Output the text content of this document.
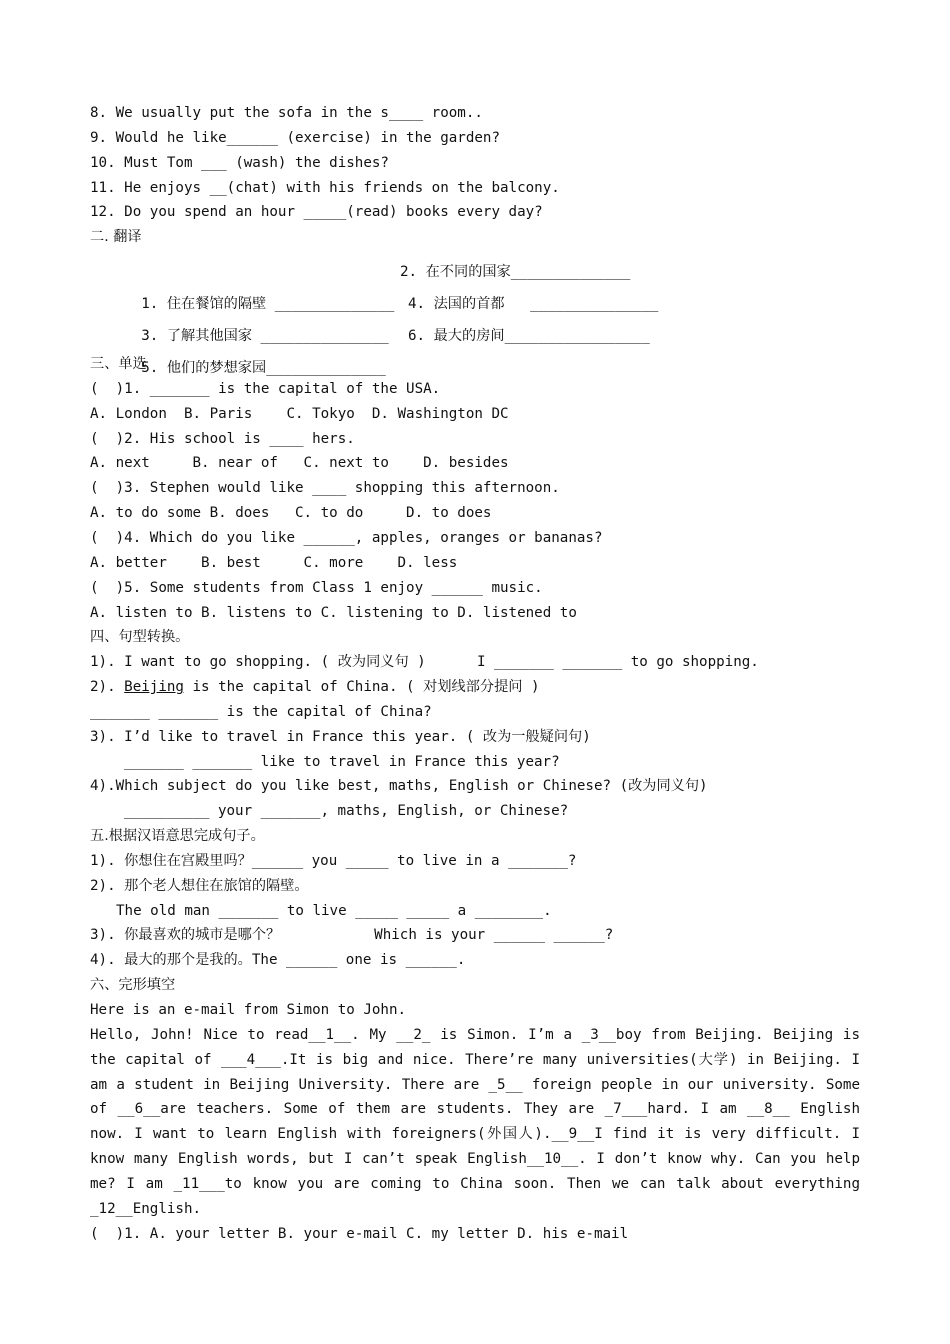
8. We usually put the sofa in the s____ room..
9. Would he like______ (exercise) in the garden?
10. Must Tom ___ (wash) the dishes?
11. He enjoys __(chat) with his friends on the balcony.
12. Do you spend an hour _____(read) books every day?
二. 翻译

1. 住在餐馆的隔壁 ______________

2. 在不同的国家______________

3. 了解其他国家 _______________

4. 法国的首都   _______________

5. 他们的梦想家园______________

6. 最大的房间_________________

三、单选
(  )1. _______ is the capital of the USA.
A. London  B. Paris    C. Tokyo  D. Washington DC
(  )2. His school is ____ hers.
A. next     B. near of   C. next to    D. besides
(  )3. Stephen would like ____ shopping this afternoon.
A. to do some B. does   C. to do     D. to does
(  )4. Which do you like ______, apples, oranges or bananas?
A. better    B. best     C. more    D. less
(  )5. Some students from Class 1 enjoy ______ music.
A. listen to B. listens to C. listening to D. listened to
四、句型转换。
1). I want to go shopping. ( 改为同义句 )      I _______ _______ to go shopping.
2). Beijing is the capital of China. ( 对划线部分提问 )
_______ _______ is the capital of China?
3). I’d like to travel in France this year. ( 改为一般疑问句)
_______ _______ like to travel in France this year?
4).Which subject do you like best, maths, English or Chinese? (改为同义句)
__________ your _______, maths, English, or Chinese?
五.根据汉语意思完成句子。
1). 你想住在宫殿里吗？______ you _____ to live in a _______?
2). 那个老人想住在旅馆的隔壁。
The old man _______ to live _____ _____ a ________.
3). 你最喜欢的城市是哪个？           Which is your ______ ______?
4). 最大的那个是我的。The ______ one is ______.
六、完形填空
Here is an e-mail from Simon to John.
Hello, John! Nice to read__1__. My __2_ is Simon. I’m a _3__boy from Beijing. Beijing is
the capital of ___4___.It is big and nice. There’re many universities(大学) in Beijing. I
am a student in Beijing University. There are _5__ foreign people in our university. Some
of __6__are teachers. Some of them are students. They are _7___hard. I am __8__ English
now. I want to learn English with foreigners(外国人).__9__I find it is very difficult. I
know many English words, but I can’t speak English__10__. I don’t know why. Can you help
me? I am _11___to know you are coming to China soon. Then we can talk about everything
_12__English.
(  )1. A. your letter B. your e-mail C. my letter D. his e-mail
